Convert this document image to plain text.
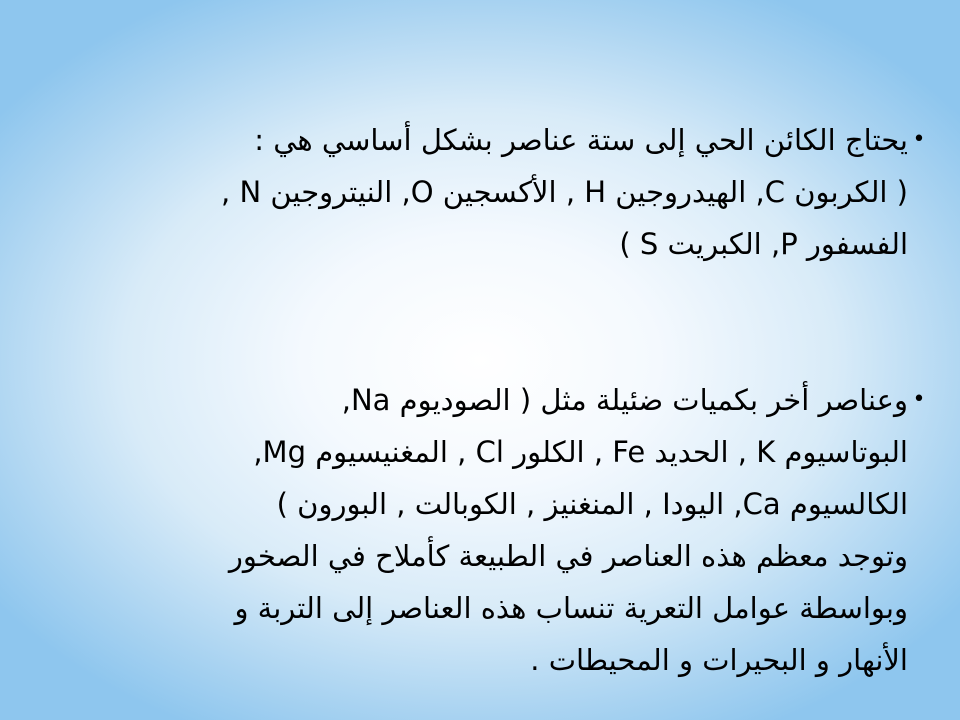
•
يحتاج الكائن الحي إلى ستة عناصر بشكل أساسي هي :
( الكربون C, الهيدروجين H , الأكسجين O, النيتروجين N ,
الفسفور P, الكبريت S )
•
وعناصر أخر بكميات ضئيلة مثل ( الصوديوم Na,
البوتاسيوم K , الحديد Fe , الكلور Cl , المغنيسيوم Mg,
الكالسيوم Ca, اليودI , المنغنيز , الكوبالت , البورون )
وتوجد معظم هذه العناصر في الطبيعة كأملاح في الصخور
وبواسطة عوامل التعرية تنساب هذه العناصر إلى التربة و
الأنهار و البحيرات و المحيطات .
